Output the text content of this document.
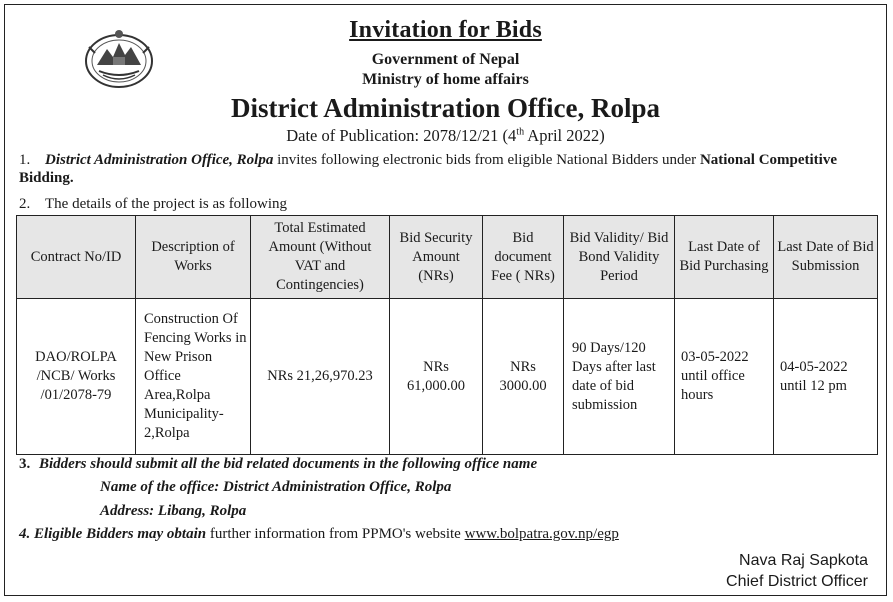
Invitation for Bids
Government of Nepal
Ministry of home affairs
District Administration Office, Rolpa
Date of Publication: 2078/12/21 (4th April 2022)
1. District Administration Office, Rolpa invites following electronic bids from eligible National Bidders under National Competitive Bidding.
2. The details of the project is as following
Contract No/ID	Description of Works	Total Estimated Amount (Without VAT and Contingencies)	Bid Security Amount (NRs)	Bid document Fee ( NRs)	Bid Validity/ Bid Bond Validity Period	Last Date of Bid Purchasing	Last Date of Bid Submission
DAO/ROLPA /NCB/ Works /01/2078-79	Construction Of Fencing Works in New Prison Office Area,Rolpa Municipality-2,Rolpa	NRs 21,26,970.23	NRs 61,000.00	NRs 3000.00	90 Days/120 Days after last date of bid submission	03-05-2022 until office hours	04-05-2022 until 12 pm
3. Bidders should submit all the bid related documents in the following office name
Name of the office: District Administration Office, Rolpa
Address: Libang, Rolpa
4. Eligible Bidders may obtain further information from PPMO's website www.bolpatra.gov.np/egp
Nava Raj Sapkota
Chief District Officer
